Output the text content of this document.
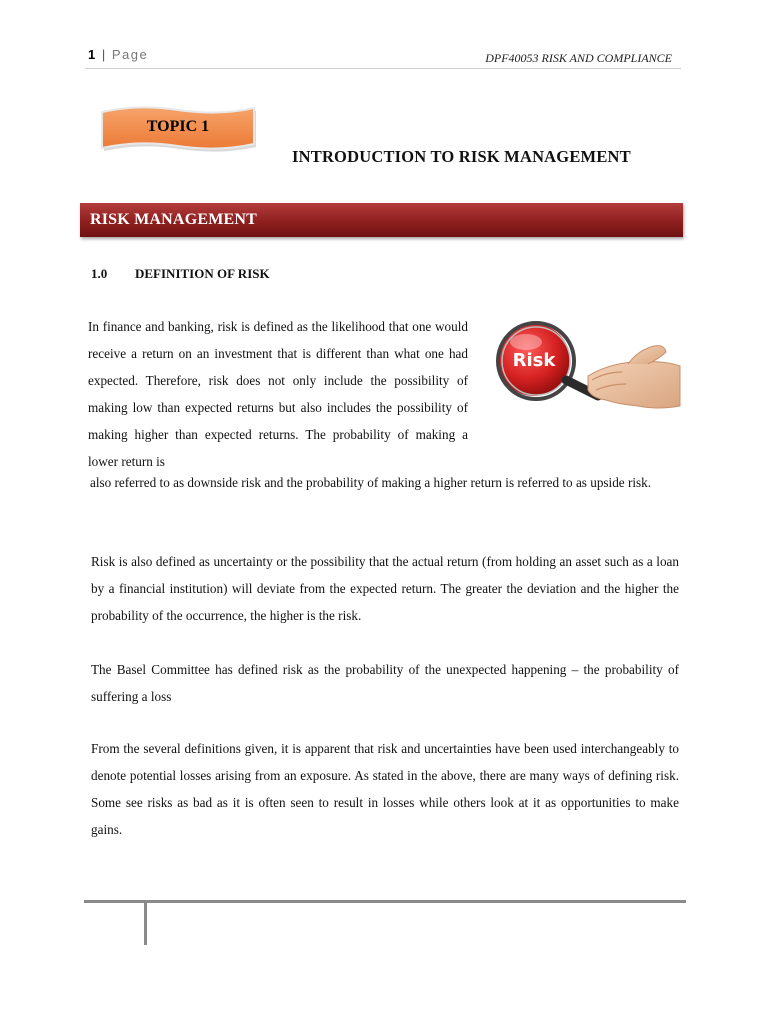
1 | Page	DPF40053 RISK AND COMPLIANCE
TOPIC 1
INTRODUCTION TO RISK MANAGEMENT
RISK MANAGEMENT
1.0 DEFINITION OF RISK
In finance and banking, risk is defined as the likelihood that one would receive a return on an investment that is different than what one had expected. Therefore, risk does not only include the possibility of making low than expected returns but also includes the possibility of making higher than expected returns. The probability of making a lower return is
also referred to as downside risk and the probability of making a higher return is referred to as upside risk.
Risk
Risk is also defined as uncertainty or the possibility that the actual return (from holding an asset such as a loan by a financial institution) will deviate from the expected return. The greater the deviation and the higher the probability of the occurrence, the higher is the risk.
The Basel Committee has defined risk as the probability of the unexpected happening – the probability of suffering a loss
From the several definitions given, it is apparent that risk and uncertainties have been used interchangeably to denote potential losses arising from an exposure. As stated in the above, there are many ways of defining risk. Some see risks as bad as it is often seen to result in losses while others look at it as opportunities to make gains.
